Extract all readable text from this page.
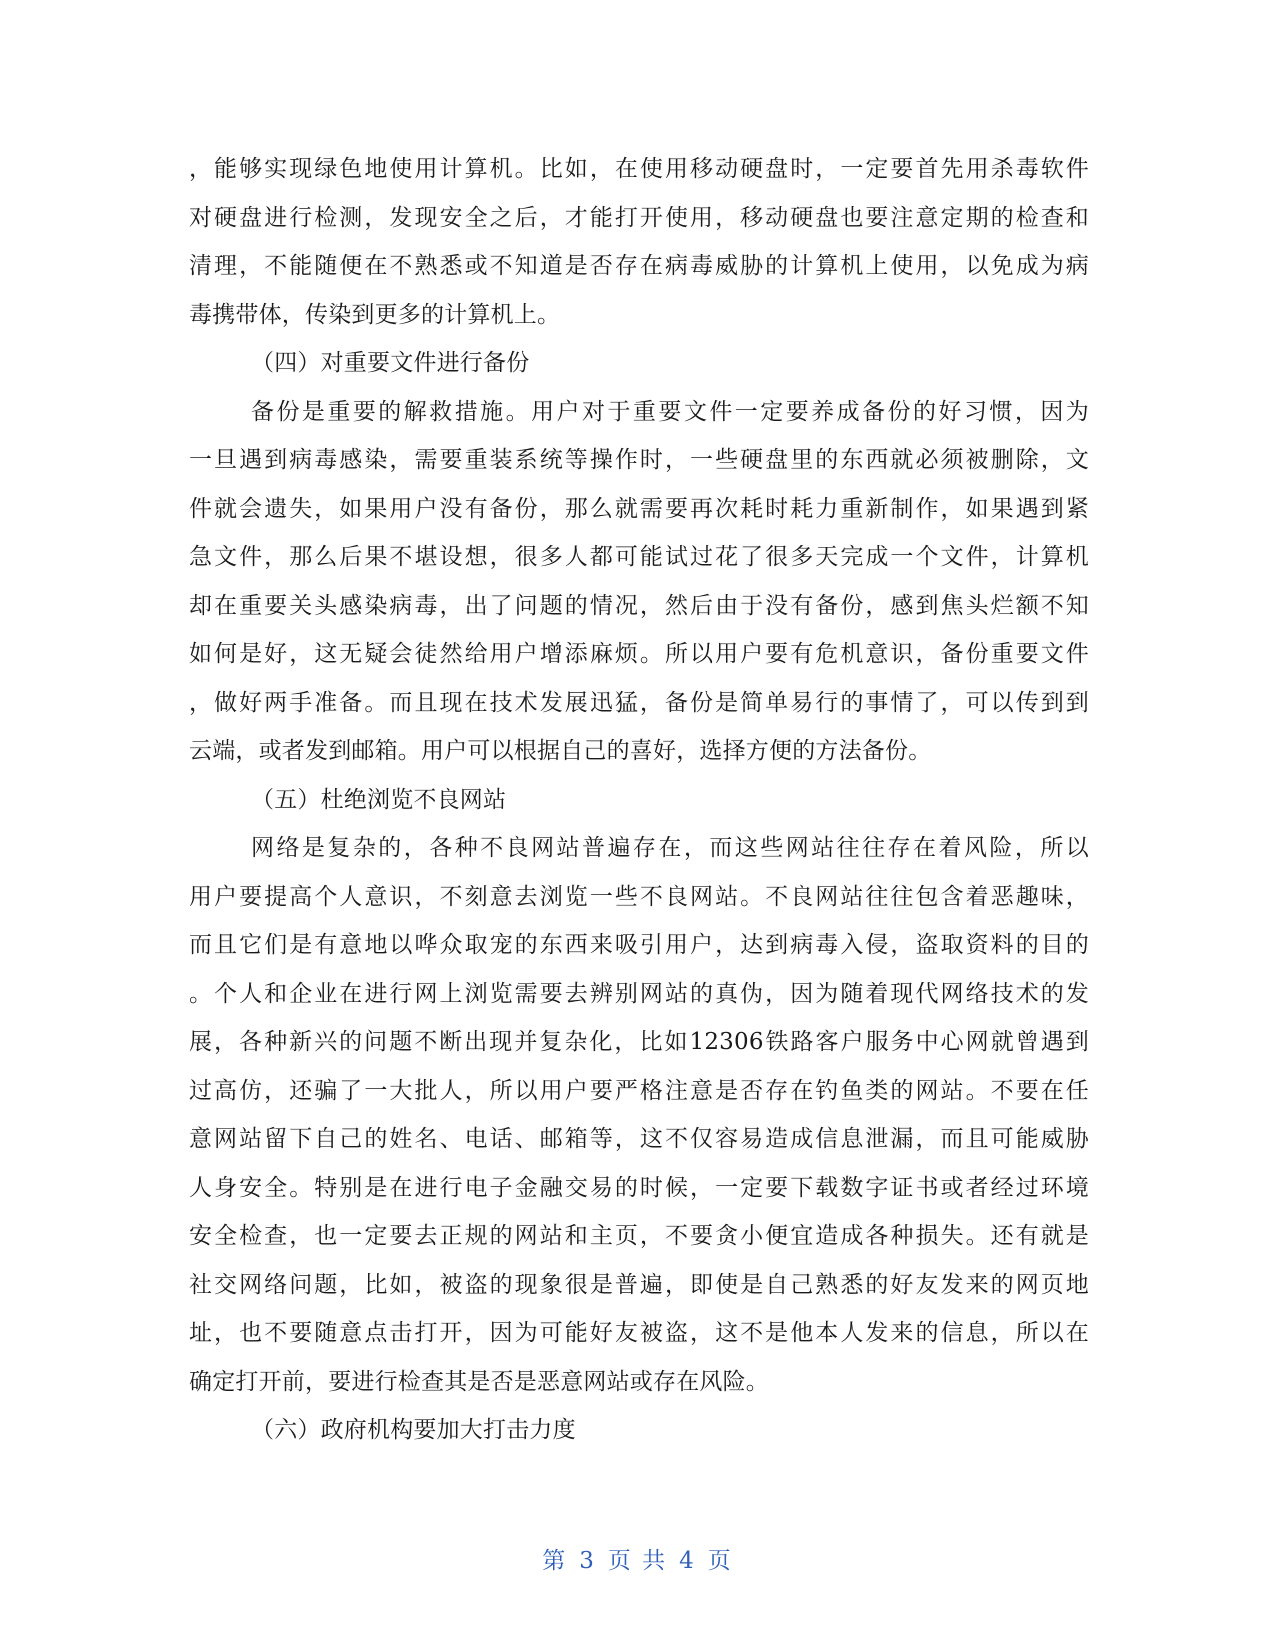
，能够实现绿色地使用计算机。比如，在使用移动硬盘时，一定要首先用杀毒软件
对硬盘进行检测，发现安全之后，才能打开使用，移动硬盘也要注意定期的检查和
清理，不能随便在不熟悉或不知道是否存在病毒威胁的计算机上使用，以免成为病
毒携带体，传染到更多的计算机上。
（四）对重要文件进行备份
备份是重要的解救措施。用户对于重要文件一定要养成备份的好习惯，因为
一旦遇到病毒感染，需要重装系统等操作时，一些硬盘里的东西就必须被删除，文
件就会遗失，如果用户没有备份，那么就需要再次耗时耗力重新制作，如果遇到紧
急文件，那么后果不堪设想，很多人都可能试过花了很多天完成一个文件，计算机
却在重要关头感染病毒，出了问题的情况，然后由于没有备份，感到焦头烂额不知
如何是好，这无疑会徒然给用户增添麻烦。所以用户要有危机意识，备份重要文件
，做好两手准备。而且现在技术发展迅猛，备份是简单易行的事情了，可以传到到
云端，或者发到邮箱。用户可以根据自己的喜好，选择方便的方法备份。
（五）杜绝浏览不良网站
网络是复杂的，各种不良网站普遍存在，而这些网站往往存在着风险，所以
用户要提高个人意识，不刻意去浏览一些不良网站。不良网站往往包含着恶趣味，
而且它们是有意地以哗众取宠的东西来吸引用户，达到病毒入侵，盗取资料的目的
。个人和企业在进行网上浏览需要去辨别网站的真伪，因为随着现代网络技术的发
展，各种新兴的问题不断出现并复杂化，比如12306铁路客户服务中心网就曾遇到
过高仿，还骗了一大批人，所以用户要严格注意是否存在钓鱼类的网站。不要在任
意网站留下自己的姓名、电话、邮箱等，这不仅容易造成信息泄漏，而且可能威胁
人身安全。特别是在进行电子金融交易的时候，一定要下载数字证书或者经过环境
安全检查，也一定要去正规的网站和主页，不要贪小便宜造成各种损失。还有就是
社交网络问题，比如，被盗的现象很是普遍，即使是自己熟悉的好友发来的网页地
址，也不要随意点击打开，因为可能好友被盗，这不是他本人发来的信息，所以在
确定打开前，要进行检查其是否是恶意网站或存在风险。
（六）政府机构要加大打击力度
第 3 页 共 4 页
